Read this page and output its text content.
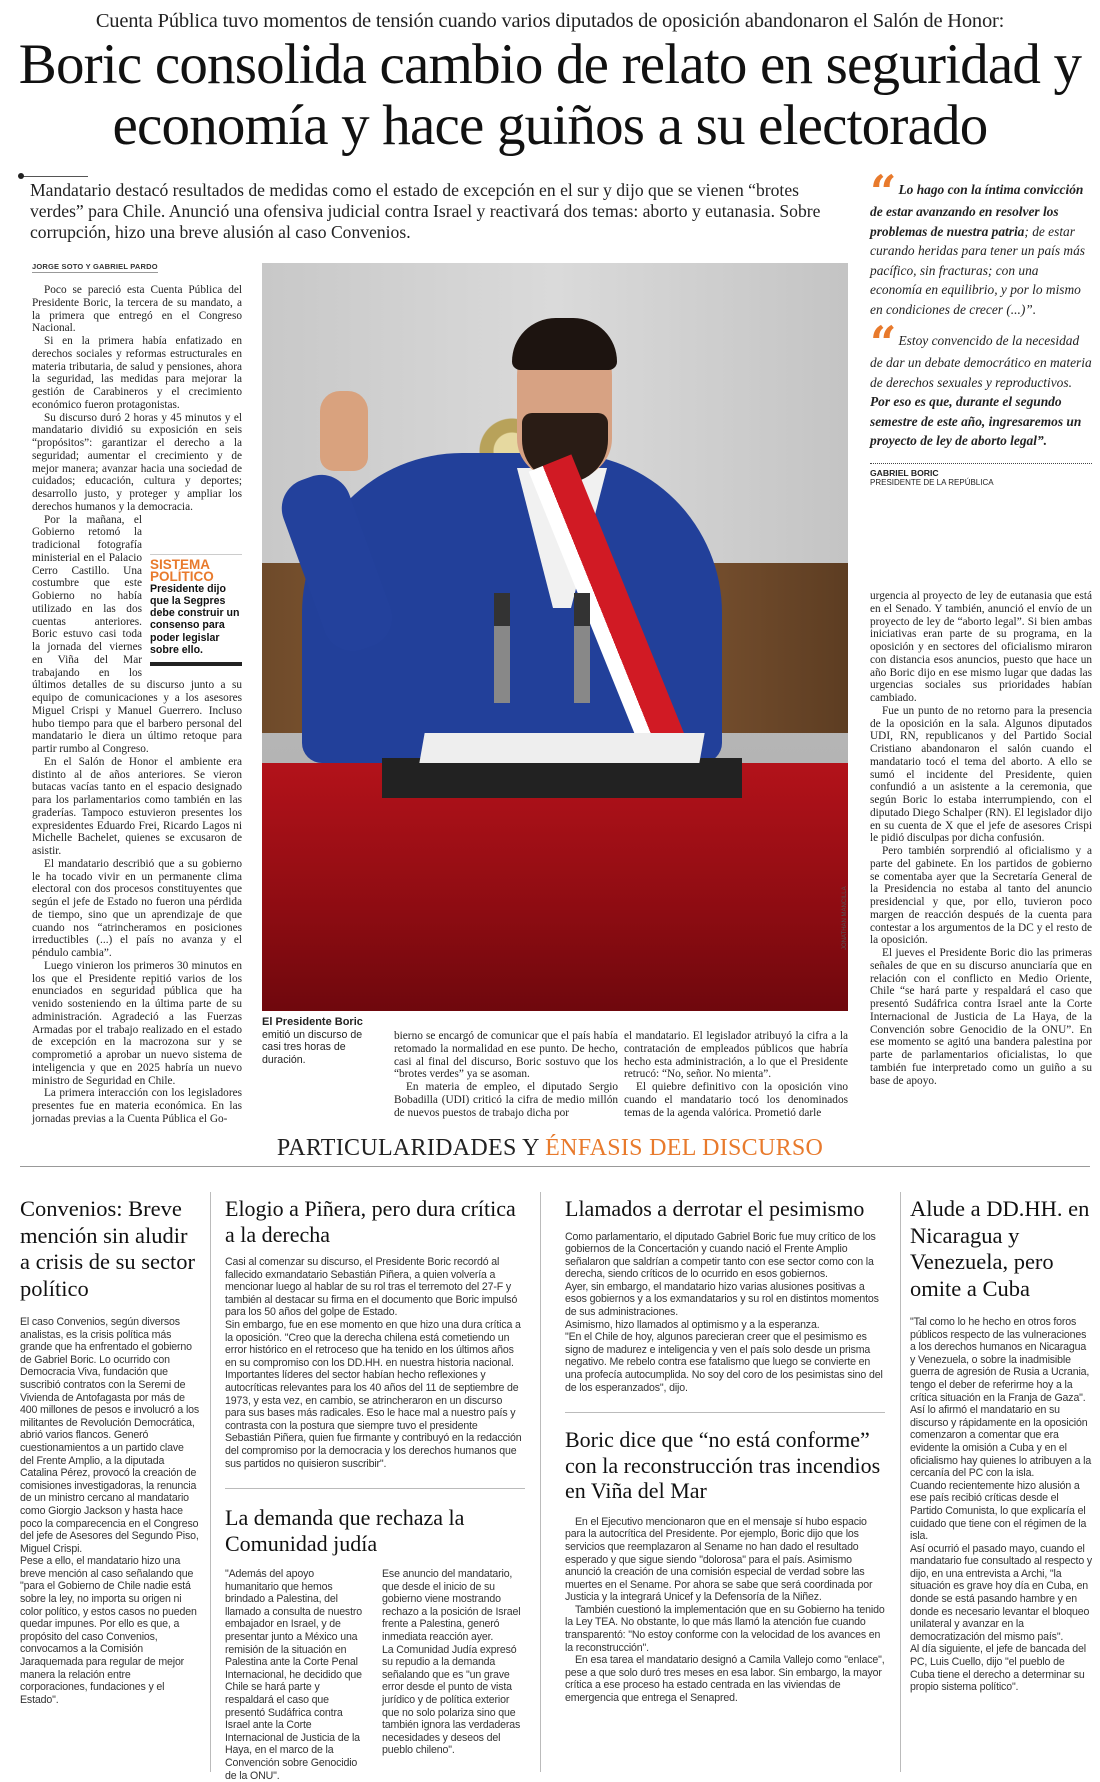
Cuenta Pública tuvo momentos de tensión cuando varios diputados de oposición abandonaron el Salón de Honor:
Boric consolida cambio de relato en seguridad y economía y hace guiños a su electorado
Mandatario destacó resultados de medidas como el estado de excepción en el sur y dijo que se vienen “brotes verdes” para Chile. Anunció una ofensiva judicial contra Israel y reactivará dos temas: aborto y eutanasia. Sobre corrupción, hizo una breve alusión al caso Convenios.
JORGE SOTO Y GABRIEL PARDO

Poco se pareció esta Cuenta Pública del Presidente Boric, la tercera de su mandato, a la primera que entregó en el Congreso Nacional.

Si en la primera había enfatizado en derechos sociales y reformas estructurales en materia tributaria, de salud y pensiones, ahora la seguridad, las medidas para mejorar la gestión de Carabineros y el crecimiento económico fueron protagonistas.

Su discurso duró 2 horas y 45 minutos y el mandatario dividió su exposición en seis “propósitos”: garantizar el derecho a la seguridad; aumentar el crecimiento y de mejor manera; avanzar hacia una sociedad de cuidados; educación, cultura y deportes; desarrollo justo, y proteger y ampliar los derechos humanos y la democracia.

SISTEMA POLÍTICO
Presidente dijo que la Segpres debe construir un consenso para poder legislar sobre ello.

Por la mañana, el Gobierno retomó la tradicional fotografía ministerial en el Palacio Cerro Castillo. Una costumbre que este Gobierno no había utilizado en las dos cuentas anteriores. Boric estuvo casi toda la jornada del viernes en Viña del Mar trabajando en los últimos detalles de su discurso junto a su equipo de comunicaciones y a los asesores Miguel Crispi y Manuel Guerrero. Incluso hubo tiempo para que el barbero personal del mandatario le diera un último retoque para partir rumbo al Congreso.

En el Salón de Honor el ambiente era distinto al de años anteriores. Se vieron butacas vacías tanto en el espacio designado para los parlamentarios como también en las graderías. Tampoco estuvieron presentes los expresidentes Eduardo Frei, Ricardo Lagos ni Michelle Bachelet, quienes se excusaron de asistir.

El mandatario describió que a su gobierno le ha tocado vivir en un permanente clima electoral con dos procesos constituyentes que según el jefe de Estado no fueron una pérdida de tiempo, sino que un aprendizaje de que cuando nos “atrincheramos en posiciones irreductibles (...) el país no avanza y el péndulo cambia”.

Luego vinieron los primeros 30 minutos en los que el Presidente repitió varios de los enunciados en seguridad pública que ha venido sosteniendo en la última parte de su administración. Agradeció a las Fuerzas Armadas por el trabajo realizado en el estado de excepción en la macrozona sur y se comprometió a aprobar un nuevo sistema de inteligencia y que en 2025 habría un nuevo ministro de Seguridad en Chile.

La primera interacción con los legisladores presentes fue en materia económica. En las jornadas previas a la Cuenta Pública el Go-

JONATHAN MANCILLA
El Presidente Boric
emitió un discurso de casi tres horas de duración.

bierno se encargó de comunicar que el país había retomado la normalidad en ese punto. De hecho, casi al final del discurso, Boric sostuvo que los “brotes verdes” ya se asoman.

En materia de empleo, el diputado Sergio Bobadilla (UDI) criticó la cifra de medio millón de nuevos puestos de trabajo dicha por

el mandatario. El legislador atribuyó la cifra a la contratación de empleados públicos que habría hecho esta administración, a lo que el Presidente retrucó: “No, señor. No mienta”.

El quiebre definitivo con la oposición vino cuando el mandatario tocó los denominados temas de la agenda valórica. Prometió darle

“ Lo hago con la íntima convicción de estar avanzando en resolver los problemas de nuestra patria; de estar curando heridas para tener un país más pacífico, sin fracturas; con una economía en equilibrio, y por lo mismo en condiciones de crecer (...)”.
“ Estoy convencido de la necesidad de dar un debate democrático en materia de derechos sexuales y reproductivos. Por eso es que, durante el segundo semestre de este año, ingresaremos un proyecto de ley de aborto legal”.
GABRIEL BORIC
PRESIDENTE DE LA REPÚBLICA

urgencia al proyecto de ley de eutanasia que está en el Senado. Y también, anunció el envío de un proyecto de ley de “aborto legal”. Si bien ambas iniciativas eran parte de su programa, en la oposición y en sectores del oficialismo miraron con distancia esos anuncios, puesto que hace un año Boric dijo en ese mismo lugar que dadas las urgencias sociales sus prioridades habían cambiado.

Fue un punto de no retorno para la presencia de la oposición en la sala. Algunos diputados UDI, RN, republicanos y del Partido Social Cristiano abandonaron el salón cuando el mandatario tocó el tema del aborto. A ello se sumó el incidente del Presidente, quien confundió a un asistente a la ceremonia, que según Boric lo estaba interrumpiendo, con el diputado Diego Schalper (RN). El legislador dijo en su cuenta de X que el jefe de asesores Crispi le pidió disculpas por dicha confusión.

Pero también sorprendió al oficialismo y a parte del gabinete. En los partidos de gobierno se comentaba ayer que la Secretaría General de la Presidencia no estaba al tanto del anuncio presidencial y que, por ello, tuvieron poco margen de reacción después de la cuenta para contestar a los argumentos de la DC y el resto de la oposición.

El jueves el Presidente Boric dio las primeras señales de que en su discurso anunciaría que en relación con el conflicto en Medio Oriente, Chile “se hará parte y respaldará el caso que presentó Sudáfrica contra Israel ante la Corte Internacional de Justicia de La Haya, de la Convención sobre Genocidio de la ONU”. En ese momento se agitó una bandera palestina por parte de parlamentarios oficialistas, lo que también fue interpretado como un guiño a su base de apoyo.

PARTICULARIDADES Y ÉNFASIS DEL DISCURSO
Convenios: Breve mención sin aludir a crisis de su sector político

El caso Convenios, según diversos analistas, es la crisis política más grande que ha enfrentado el gobierno de Gabriel Boric. Lo ocurrido con Democracia Viva, fundación que suscribió contratos con la Seremi de Vivienda de Antofagasta por más de 400 millones de pesos e involucró a los militantes de Revolución Democrática, abrió varios flancos. Generó cuestionamientos a un partido clave del Frente Amplio, a la diputada Catalina Pérez, provocó la creación de comisiones investigadoras, la renuncia de un ministro cercano al mandatario como Giorgio Jackson y hasta hace poco la comparecencia en el Congreso del jefe de Asesores del Segundo Piso, Miguel Crispi.

Pese a ello, el mandatario hizo una breve mención al caso señalando que "para el Gobierno de Chile nadie está sobre la ley, no importa su origen ni color político, y estos casos no pueden quedar impunes. Por ello es que, a propósito del caso Convenios, convocamos a la Comisión Jaraquemada para regular de mejor manera la relación entre corporaciones, fundaciones y el Estado".

Elogio a Piñera, pero dura crítica a la derecha

Casi al comenzar su discurso, el Presidente Boric recordó al fallecido exmandatario Sebastián Piñera, a quien volvería a mencionar luego al hablar de su rol tras el terremoto del 27-F y también al destacar su firma en el documento que Boric impulsó para los 50 años del golpe de Estado.

Sin embargo, fue en ese momento en que hizo una dura crítica a la oposición. "Creo que la derecha chilena está cometiendo un error histórico en el retroceso que ha tenido en los últimos años en su compromiso con los DD.HH. en nuestra historia nacional. Importantes líderes del sector habían hecho reflexiones y autocríticas relevantes para los 40 años del 11 de septiembre de 1973, y esta vez, en cambio, se atrincheraron en un discurso para sus bases más radicales. Eso le hace mal a nuestro país y contrasta con la postura que siempre tuvo el presidente Sebastián Piñera, quien fue firmante y contribuyó en la redacción del compromiso por la democracia y los derechos humanos que sus partidos no quisieron suscribir".

La demanda que rechaza la Comunidad judía

"Además del apoyo humanitario que hemos brindado a Palestina, del llamado a consulta de nuestro embajador en Israel, y de presentar junto a México una remisión de la situación en Palestina ante la Corte Penal Internacional, he decidido que Chile se hará parte y respaldará el caso que presentó Sudáfrica contra Israel ante la Corte Internacional de Justicia de la Haya, en el marco de la Convención sobre Genocidio de la ONU".

Ese anuncio del mandatario, que desde el inicio de su gobierno viene mostrando rechazo a la posición de Israel frente a Palestina, generó inmediata reacción ayer.

La Comunidad Judía expresó su repudio a la demanda señalando que es "un grave error desde el punto de vista jurídico y de política exterior que no solo polariza sino que también ignora las verdaderas necesidades y deseos del pueblo chileno".

Llamados a derrotar el pesimismo

Como parlamentario, el diputado Gabriel Boric fue muy crítico de los gobiernos de la Concertación y cuando nació el Frente Amplio señalaron que saldrían a competir tanto con ese sector como con la derecha, siendo críticos de lo ocurrido en esos gobiernos.

Ayer, sin embargo, el mandatario hizo varias alusiones positivas a esos gobiernos y a los exmandatarios y su rol en distintos momentos de sus administraciones.

Asimismo, hizo llamados al optimismo y a la esperanza.

"En el Chile de hoy, algunos parecieran creer que el pesimismo es signo de madurez e inteligencia y ven el país solo desde un prisma negativo. Me rebelo contra ese fatalismo que luego se convierte en una profecía autocumplida. No soy del coro de los pesimistas sino del de los esperanzados", dijo.

Boric dice que “no está conforme” con la reconstrucción tras incendios en Viña del Mar

En el Ejecutivo mencionaron que en el mensaje sí hubo espacio para la autocrítica del Presidente. Por ejemplo, Boric dijo que los servicios que reemplazaron al Sename no han dado el resultado esperado y que sigue siendo "dolorosa" para el país. Asimismo anunció la creación de una comisión especial de verdad sobre las muertes en el Sename. Por ahora se sabe que será coordinada por Justicia y la integrará Unicef y la Defensoría de la Niñez.

También cuestionó la implementación que en su Gobierno ha tenido la Ley TEA. No obstante, lo que más llamó la atención fue cuando transparentó: "No estoy conforme con la velocidad de los avances en la reconstrucción".

En esa tarea el mandatario designó a Camila Vallejo como "enlace", pese a que solo duró tres meses en esa labor. Sin embargo, la mayor crítica a ese proceso ha estado centrada en las viviendas de emergencia que entrega el Senapred.

Alude a DD.HH. en Nicaragua y Venezuela, pero omite a Cuba

"Tal como lo he hecho en otros foros públicos respecto de las vulneraciones a los derechos humanos en Nicaragua y Venezuela, o sobre la inadmisible guerra de agresión de Rusia a Ucrania, tengo el deber de referirme hoy a la crítica situación en la Franja de Gaza".

Así lo afirmó el mandatario en su discurso y rápidamente en la oposición comenzaron a comentar que era evidente la omisión a Cuba y en el oficialismo hay quienes lo atribuyen a la cercanía del PC con la isla.

Cuando recientemente hizo alusión a ese país recibió críticas desde el Partido Comunista, lo que explicaría el cuidado que tiene con el régimen de la isla.

Así ocurrió el pasado mayo, cuando el mandatario fue consultado al respecto y dijo, en una entrevista a Archi, "la situación es grave hoy día en Cuba, en donde se está pasando hambre y en donde es necesario levantar el bloqueo unilateral y avanzar en la democratización del mismo país".

Al día siguiente, el jefe de bancada del PC, Luis Cuello, dijo "el pueblo de Cuba tiene el derecho a determinar su propio sistema político".
